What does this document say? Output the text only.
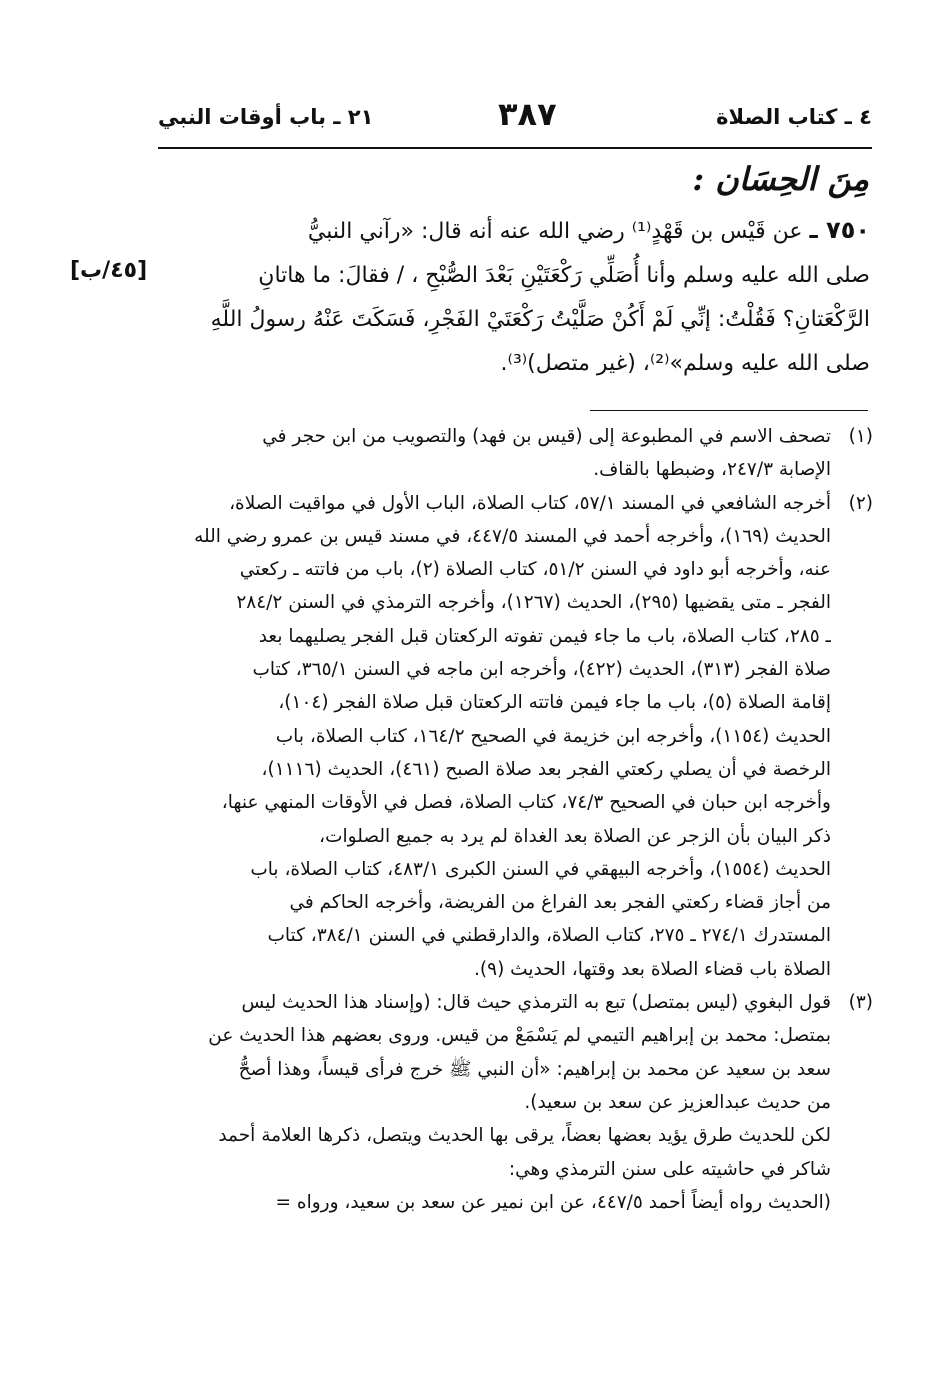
٤ ـ كتاب الصلاة
٣٨٧
٢١ ـ باب أوقات النبي
مِنَ الحِسَان :

٧٥٠ ـ عن قَيْس بن قَهْدٍ⁽¹⁾ رضي الله عنه أنه قال: «رآني النبيُّ

صلى الله عليه وسلم وأنا أُصَلِّي رَكْعَتَيْنِ بَعْدَ الصُّبْحِ ، / فقالَ: ما هاتانِ

الرَّكْعَتانِ؟ فَقُلْتُ: إنِّي لَمْ أَكُنْ صَلَّيْتُ رَكْعَتَيْ الفَجْرِ، فَسَكَتَ عَنْهُ رسولُ اللَّهِ

صلى الله عليه وسلم»⁽²⁾، (غير متصل)⁽³⁾.

[٤٥/ب]
(١)
تصحف الاسم في المطبوعة إلى (قيس بن فهد) والتصويب من ابن حجر في
الإصابة ٢٤٧/٣، وضبطها بالقاف.
(٢)
أخرجه الشافعي في المسند ٥٧/١، كتاب الصلاة، الباب الأول في مواقيت الصلاة،
الحديث (١٦٩)، وأخرجه أحمد في المسند ٤٤٧/٥، في مسند قيس بن عمرو رضي الله
عنه، وأخرجه أبو داود في السنن ٥١/٢، كتاب الصلاة (٢)، باب من فاتته ـ ركعتي
الفجر ـ متى يقضيها (٢٩٥)، الحديث (١٢٦٧)، وأخرجه الترمذي في السنن ٢٨٤/٢
ـ ٢٨٥، كتاب الصلاة، باب ما جاء فيمن تفوته الركعتان قبل الفجر يصليهما بعد
صلاة الفجر (٣١٣)، الحديث (٤٢٢)، وأخرجه ابن ماجه في السنن ٣٦٥/١، كتاب
إقامة الصلاة (٥)، باب ما جاء فيمن فاتته الركعتان قبل صلاة الفجر (١٠٤)،
الحديث (١١٥٤)، وأخرجه ابن خزيمة في الصحيح ١٦٤/٢، كتاب الصلاة، باب
الرخصة في أن يصلي ركعتي الفجر بعد صلاة الصبح (٤٦١)، الحديث (١١١٦)،
وأخرجه ابن حبان في الصحيح ٧٤/٣، كتاب الصلاة، فصل في الأوقات المنهي عنها،
ذكر البيان بأن الزجر عن الصلاة بعد الغداة لم يرد به جميع الصلوات،
الحديث (١٥٥٤)، وأخرجه البيهقي في السنن الكبرى ٤٨٣/١، كتاب الصلاة، باب
من أجاز قضاء ركعتي الفجر بعد الفراغ من الفريضة، وأخرجه الحاكم في
المستدرك ٢٧٤/١ ـ ٢٧٥، كتاب الصلاة، والدارقطني في السنن ٣٨٤/١، كتاب
الصلاة باب قضاء الصلاة بعد وقتها، الحديث (٩).
(٣)
قول البغوي (ليس بمتصل) تبع به الترمذي حيث قال: (وإسناد هذا الحديث ليس
بمتصل: محمد بن إبراهيم التيمي لم يَسْمَعْ من قيس. وروى بعضهم هذا الحديث عن
سعد بن سعيد عن محمد بن إبراهيم: «أن النبي ﷺ خرج فرأى قيساً، وهذا أصحُّ
من حديث عبدالعزيز عن سعد بن سعيد).
لكن للحديث طرق يؤيد بعضها بعضاً، يرقى بها الحديث ويتصل، ذكرها العلامة أحمد
شاكر في حاشيته على سنن الترمذي وهي:
(الحديث رواه أيضاً أحمد ٤٤٧/٥، عن ابن نمير عن سعد بن سعيد، ورواه =
